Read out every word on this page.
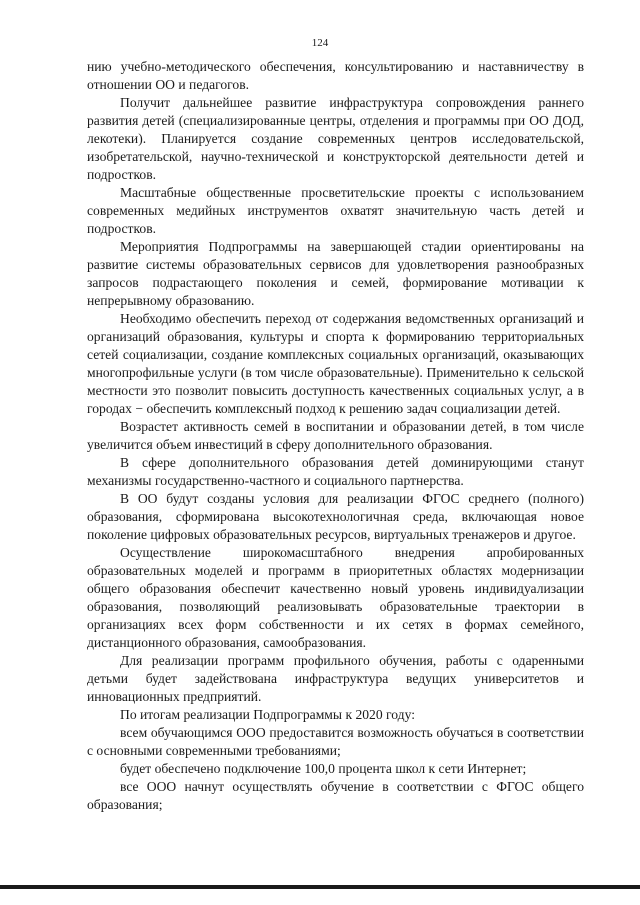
124

нию учебно-методического обеспечения, консультированию и наставничеству в отношении ОО и педагогов.

Получит дальнейшее развитие инфраструктура сопровождения раннего развития детей (специализированные центры, отделения и программы при ОО ДОД, лекотеки). Планируется создание современных центров исследовательской, изобретательской, научно-технической и конструкторской деятельности детей и подростков.

Масштабные общественные просветительские проекты с использованием современных медийных инструментов охватят значительную часть детей и подростков.

Мероприятия Подпрограммы на завершающей стадии ориентированы на развитие системы образовательных сервисов для удовлетворения разнообразных запросов подрастающего поколения и семей, формирование мотивации к непрерывному образованию.

Необходимо обеспечить переход от содержания ведомственных организаций и организаций образования, культуры и спорта к формированию территориальных сетей социализации, создание комплексных социальных организаций, оказывающих многопрофильные услуги (в том числе образовательные). Применительно к сельской местности это позволит повысить доступность качественных социальных услуг, а в городах − обеспечить комплексный подход к решению задач социализации детей.

Возрастет активность семей в воспитании и образовании детей, в том числе увеличится объем инвестиций в сферу дополнительного образования.

В сфере дополнительного образования детей доминирующими станут механизмы государственно-частного и социального партнерства.

В ОО будут созданы условия для реализации ФГОС среднего (полного) образования, сформирована высокотехнологичная среда, включающая новое поколение цифровых образовательных ресурсов, виртуальных тренажеров и другое.

Осуществление широкомасштабного внедрения апробированных образовательных моделей и программ в приоритетных областях модернизации общего образования обеспечит качественно новый уровень индивидуализации образования, позволяющий реализовывать образовательные траектории в организациях всех форм собственности и их сетях в формах семейного, дистанционного образования, самообразования.

Для реализации программ профильного обучения, работы с одаренными детьми будет задействована инфраструктура ведущих университетов и инновационных предприятий.

По итогам реализации Подпрограммы к 2020 году:

всем обучающимся ООО предоставится возможность обучаться в соответствии с основными современными требованиями;

будет обеспечено подключение 100,0 процента школ к сети Интернет;

все ООО начнут осуществлять обучение в соответствии с ФГОС общего образования;
